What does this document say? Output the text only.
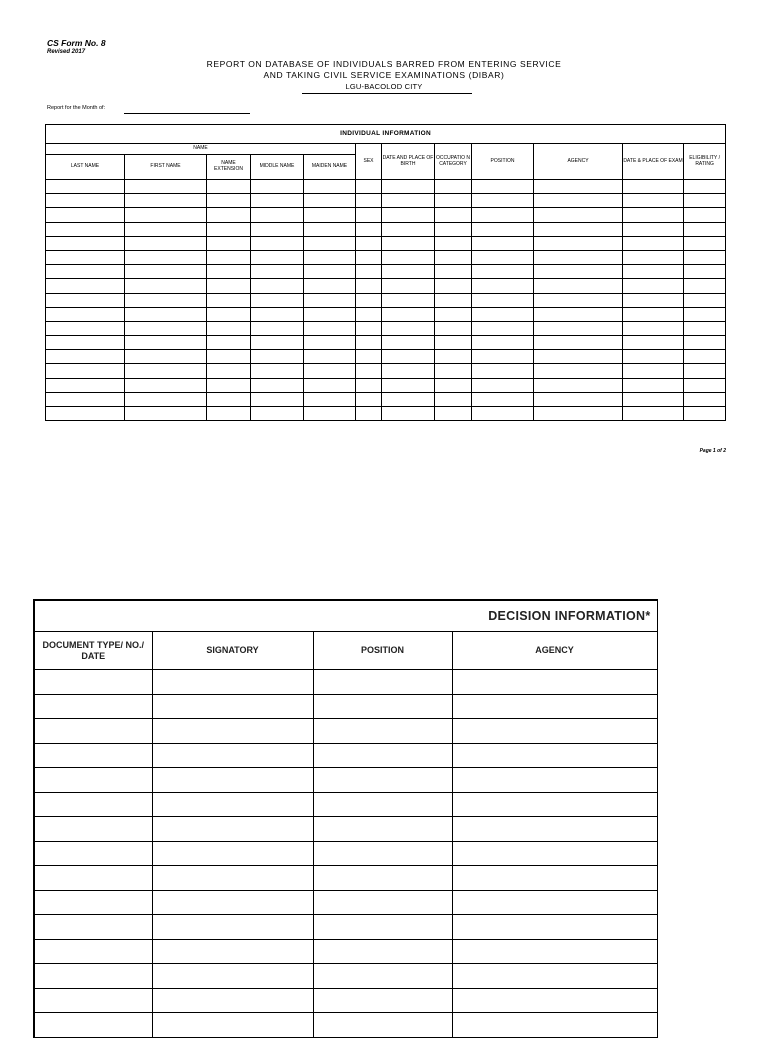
CS Form No. 8
Revised 2017
REPORT ON DATABASE OF INDIVIDUALS BARRED FROM ENTERING SERVICE
AND TAKING CIVIL SERVICE EXAMINATIONS (DIBAR)
LGU-BACOLOD CITY
Report for the Month of:
INDIVIDUAL INFORMATION											
NAME					SEX	DATE AND PLACE OF BIRTH	OCCUPATIO N CATEGORY	POSITION	AGENCY	DATE & PLACE OF EXAM	ELIGIBILITY / RATING
LAST NAME	FIRST NAME	NAME EXTENSION	MIDDLE NAME	MAIDEN NAME							

Page 1 of 2
DECISION INFORMATION*			
DOCUMENT TYPE/ NO./ DATE	SIGNATORY	POSITION	AGENCY
